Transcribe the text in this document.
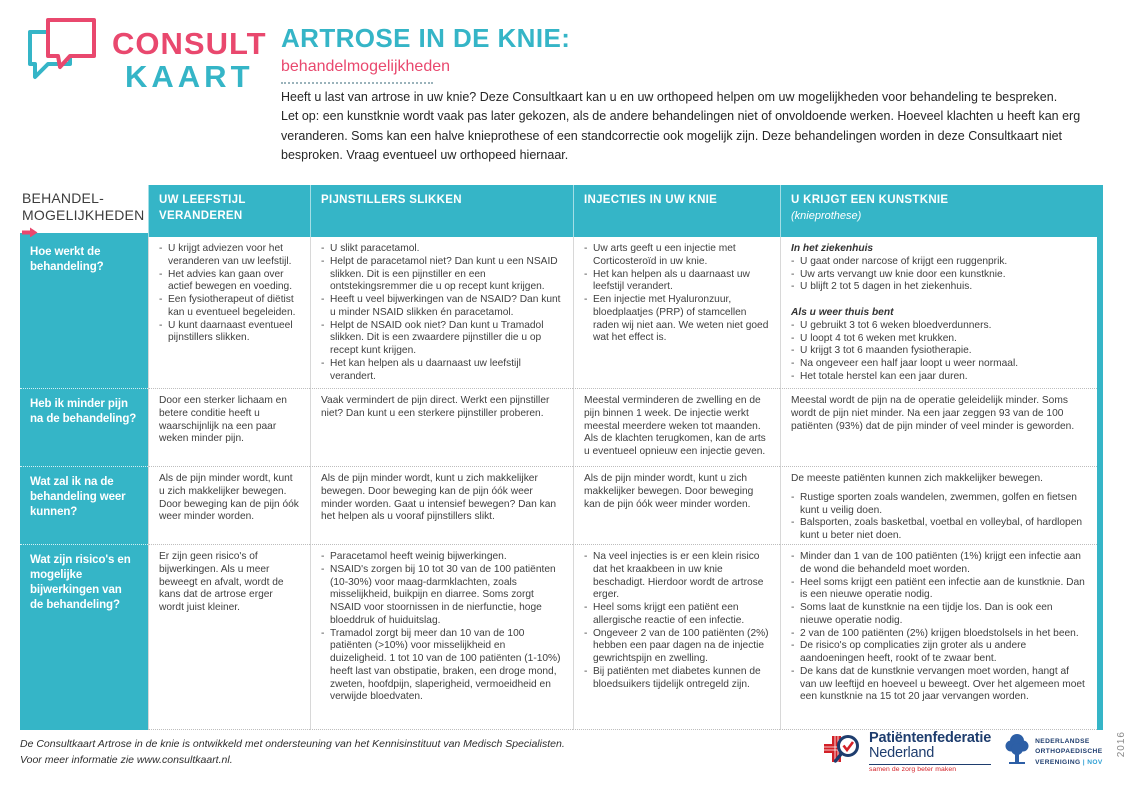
CONSULT
KAART
ARTROSE IN DE KNIE:
behandelmogelijkheden

Heeft u last van artrose in uw knie? Deze Consultkaart kan u en uw orthopeed helpen om uw mogelijkheden voor behandeling te bespreken.

Let op: een kunstknie wordt vaak pas later gekozen, als de andere behandelingen niet of onvoldoende werken. Hoeveel klachten u heeft kan erg veranderen. Soms kan een halve knieprothese of een standcorrectie ook mogelijk zijn. Deze behandelingen worden in deze Consultkaart niet besproken. Vraag eventueel uw orthopeed hiernaar.

BEHANDEL-
MOGELIJKHEDEN
UW LEEFSTIJL VERANDEREN
PIJNSTILLERS SLIKKEN	INJECTIES IN UW KNIE	U KRIJGT EEN KUNSTKNIE
(knieprothese)
Hoe werkt de behandeling?
- U krijgt adviezen voor het veranderen van uw leefstijl.
- Het advies kan gaan over actief bewegen en voeding.
- Een fysiotherapeut of diëtist kan u eventueel begeleiden.
- U kunt daarnaast eventueel pijnstillers slikken.
- U slikt paracetamol.
- Helpt de paracetamol niet? Dan kunt u een NSAID slikken. Dit is een pijnstiller en een ontstekingsremmer die u op recept kunt krijgen.
- Heeft u veel bijwerkingen van de NSAID? Dan kunt u minder NSAID slikken én paracetamol.
- Helpt de NSAID ook niet? Dan kunt u Tramadol slikken. Dit is een zwaardere pijnstiller die u op recept kunt krijgen.
- Het kan helpen als u daarnaast uw leefstijl verandert.
- Uw arts geeft u een injectie met Corticosteroïd in uw knie.
- Het kan helpen als u daarnaast uw leefstijl verandert.
- Een injectie met Hyaluronzuur, bloedplaatjes (PRP) of stamcellen raden wij niet aan. We weten niet goed wat het effect is.
In het ziekenhuis
- U gaat onder narcose of krijgt een ruggenprik.
- Uw arts vervangt uw knie door een kunstknie.
- U blijft 2 tot 5 dagen in het ziekenhuis.
Als u weer thuis bent
- U gebruikt 3 tot 6 weken bloedverdunners.
- U loopt 4 tot 6 weken met krukken.
- U krijgt 3 tot 6 maanden fysiotherapie.
- Na ongeveer een half jaar loopt u weer normaal.
- Het totale herstel kan een jaar duren.
Heb ik minder pijn na de behandeling?
Door een sterker lichaam en betere conditie heeft u waarschijnlijk na een paar weken minder pijn.
Vaak vermindert de pijn direct. Werkt een pijnstiller niet? Dan kunt u een sterkere pijnstiller proberen.
Meestal verminderen de zwelling en de pijn binnen 1 week. De injectie werkt meestal meerdere weken tot maanden. Als de klachten terugkomen, kan de arts u eventueel opnieuw een injectie geven.
Meestal wordt de pijn na de operatie geleidelijk minder. Soms wordt de pijn niet minder. Na een jaar zeggen 93 van de 100 patiënten (93%) dat de pijn minder of veel minder is geworden.
Wat zal ik na de behandeling weer kunnen?
Als de pijn minder wordt, kunt u zich makkelijker bewegen. Door beweging kan de pijn óók weer minder worden.
Als de pijn minder wordt, kunt u zich makkelijker bewegen. Door beweging kan de pijn óók weer minder worden. Gaat u intensief bewegen? Dan kan het helpen als u vooraf pijnstillers slikt.
Als de pijn minder wordt, kunt u zich makkelijker bewegen. Door beweging kan de pijn óók weer minder worden.
De meeste patiënten kunnen zich makkelijker bewegen.
- Rustige sporten zoals wandelen, zwemmen, golfen en fietsen kunt u veilig doen.
- Balsporten, zoals basketbal, voetbal en volleybal, of hardlopen kunt u beter niet doen.
Wat zijn risico's en mogelijke bijwerkingen van de behandeling?
Er zijn geen risico's of bijwerkingen. Als u meer beweegt en afvalt, wordt de kans dat de artrose erger wordt juist kleiner.
- Paracetamol heeft weinig bijwerkingen.
- NSAID's zorgen bij 10 tot 30 van de 100 patiënten (10-30%) voor maag-darmklachten, zoals misselijkheid, buikpijn en diarree. Soms zorgt NSAID voor stoornissen in de nierfunctie, hoge bloeddruk of huiduitslag.
- Tramadol zorgt bij meer dan 10 van de 100 patiënten (>10%) voor misselijkheid en duizeligheid. 1 tot 10 van de 100 patiënten (1-10%) heeft last van obstipatie, braken, een droge mond, zweten, hoofdpijn, slaperigheid, vermoeidheid en verwijde bloedvaten.
- Na veel injecties is er een klein risico dat het kraakbeen in uw knie beschadigt. Hierdoor wordt de artrose erger.
- Heel soms krijgt een patiënt een allergische reactie of een infectie.
- Ongeveer 2 van de 100 patiënten (2%) hebben een paar dagen na de injectie gewrichtspijn en zwelling.
- Bij patiënten met diabetes kunnen de bloedsuikers tijdelijk ontregeld zijn.
- Minder dan 1 van de 100 patiënten (1%) krijgt een infectie aan de wond die behandeld moet worden.
- Heel soms krijgt een patiënt een infectie aan de kunstknie. Dan is een nieuwe operatie nodig.
- Soms laat de kunstknie na een tijdje los. Dan is ook een nieuwe operatie nodig.
- 2 van de 100 patiënten (2%) krijgen bloedstolsels in het been.
- De risico's op complicaties zijn groter als u andere aandoeningen heeft, rookt of te zwaar bent.
- De kans dat de kunstknie vervangen moet worden, hangt af van uw leeftijd en hoeveel u beweegt. Over het algemeen moet een kunstknie na 15 tot 20 jaar vervangen worden.

De Consultkaart Artrose in de knie is ontwikkeld met ondersteuning van het Kennisinstituut van Medisch Specialisten.

Voor meer informatie zie www.consultkaart.nl.

Patiëntenfederatie
Nederland
samen de zorg beter maken
NEDERLANDSE
ORTHOPAEDISCHE
VERENIGING | NOV
2016
